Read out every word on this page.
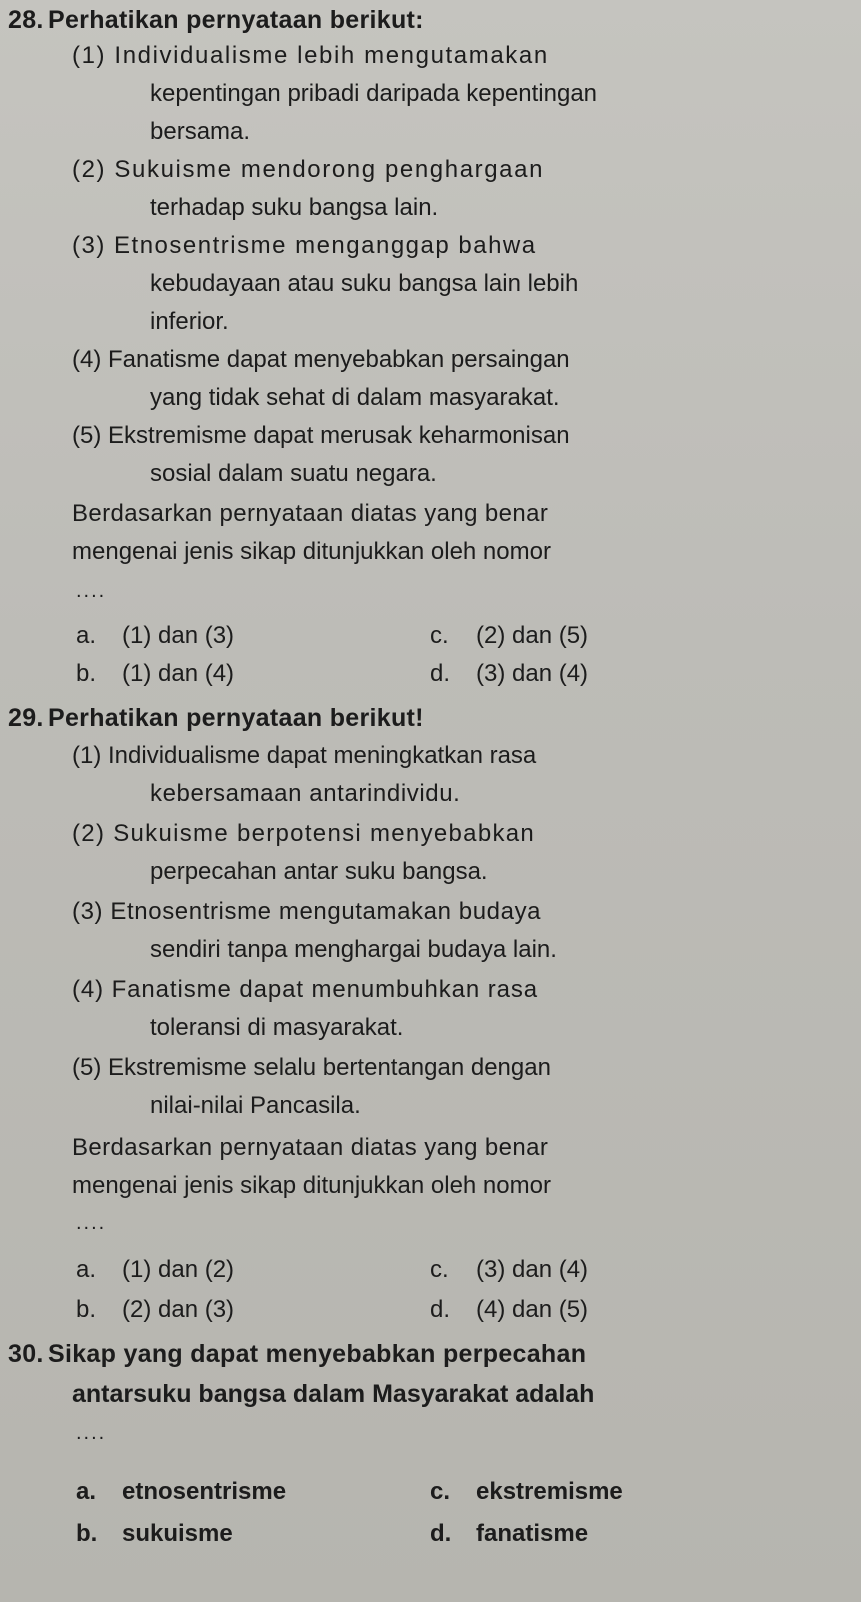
28. Perhatikan pernyataan berikut:
(1) Individualisme lebih mengutamakan
kepentingan pribadi daripada kepentingan
bersama.
(2) Sukuisme mendorong penghargaan
terhadap suku bangsa lain.
(3) Etnosentrisme menganggap bahwa
kebudayaan atau suku bangsa lain lebih
inferior.
(4) Fanatisme dapat menyebabkan persaingan
yang tidak sehat di dalam masyarakat.
(5) Ekstremisme dapat merusak keharmonisan
sosial dalam suatu negara.
Berdasarkan pernyataan diatas yang benar
mengenai jenis sikap ditunjukkan oleh nomor
....
a. (1) dan (3)	c. (2) dan (5)
b. (1) dan (4)	d. (3) dan (4)
29. Perhatikan pernyataan berikut!
(1) Individualisme dapat meningkatkan rasa
kebersamaan antarindividu.
(2) Sukuisme berpotensi menyebabkan
perpecahan antar suku bangsa.
(3) Etnosentrisme mengutamakan budaya
sendiri tanpa menghargai budaya lain.
(4) Fanatisme dapat menumbuhkan rasa
toleransi di masyarakat.
(5) Ekstremisme selalu bertentangan dengan
nilai-nilai Pancasila.
Berdasarkan pernyataan diatas yang benar
mengenai jenis sikap ditunjukkan oleh nomor
....
a. (1) dan (2)	c. (3) dan (4)
b. (2) dan (3)	d. (4) dan (5)
30. Sikap yang dapat menyebabkan perpecahan
antarsuku bangsa dalam Masyarakat adalah
....
a. etnosentrisme	c. ekstremisme
b. sukuisme	d. fanatisme
